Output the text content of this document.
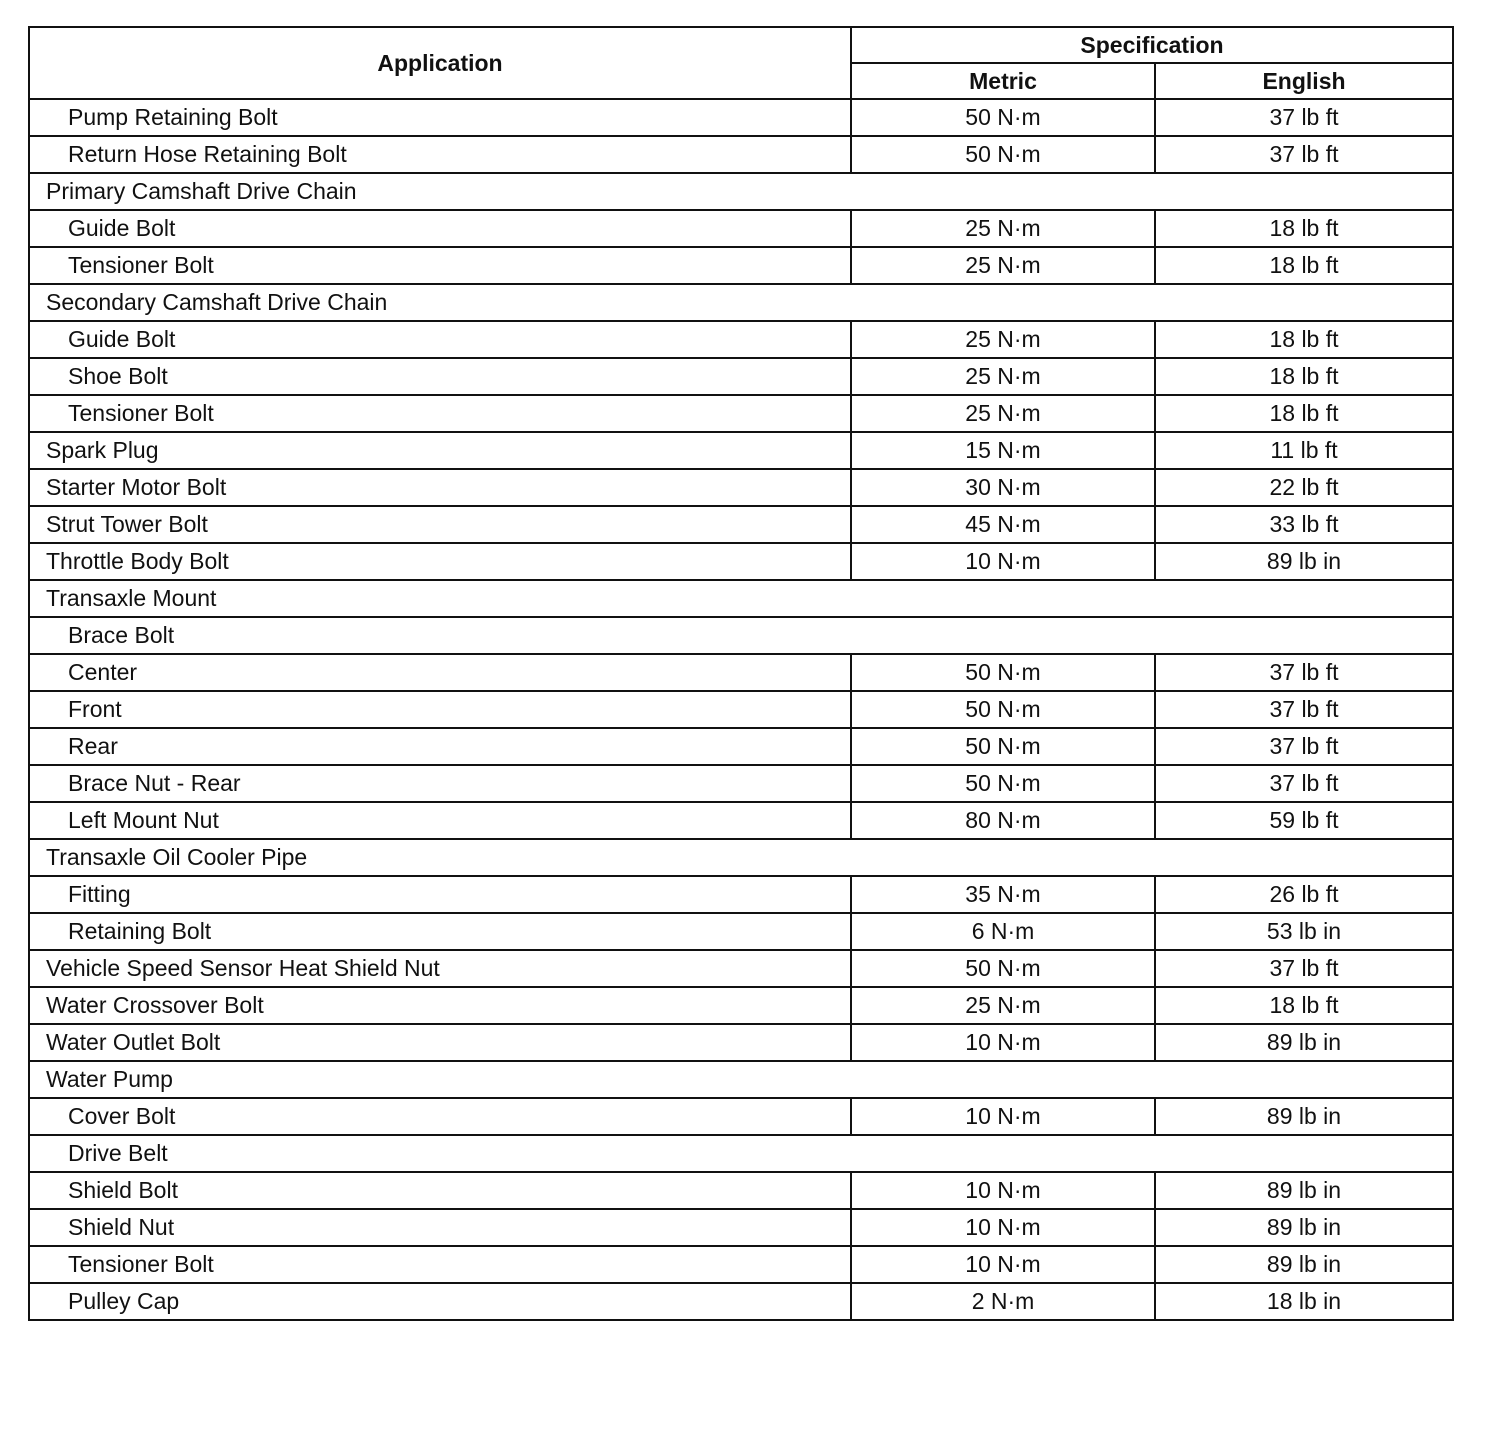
Application	Specification	
	Metric	English
Pump Retaining Bolt	50 N·m	37 lb ft
Return Hose Retaining Bolt	50 N·m	37 lb ft
Primary Camshaft Drive Chain		
Guide Bolt	25 N·m	18 lb ft
Tensioner Bolt	25 N·m	18 lb ft
Secondary Camshaft Drive Chain		
Guide Bolt	25 N·m	18 lb ft
Shoe Bolt	25 N·m	18 lb ft
Tensioner Bolt	25 N·m	18 lb ft
Spark Plug	15 N·m	11 lb ft
Starter Motor Bolt	30 N·m	22 lb ft
Strut Tower Bolt	45 N·m	33 lb ft
Throttle Body Bolt	10 N·m	89 lb in
Transaxle Mount		
Brace Bolt		
Center	50 N·m	37 lb ft
Front	50 N·m	37 lb ft
Rear	50 N·m	37 lb ft
Brace Nut - Rear	50 N·m	37 lb ft
Left Mount Nut	80 N·m	59 lb ft
Transaxle Oil Cooler Pipe		
Fitting	35 N·m	26 lb ft
Retaining Bolt	6 N·m	53 lb in
Vehicle Speed Sensor Heat Shield Nut	50 N·m	37 lb ft
Water Crossover Bolt	25 N·m	18 lb ft
Water Outlet Bolt	10 N·m	89 lb in
Water Pump		
Cover Bolt	10 N·m	89 lb in
Drive Belt		
Shield Bolt	10 N·m	89 lb in
Shield Nut	10 N·m	89 lb in
Tensioner Bolt	10 N·m	89 lb in
Pulley Cap	2 N·m	18 lb in
